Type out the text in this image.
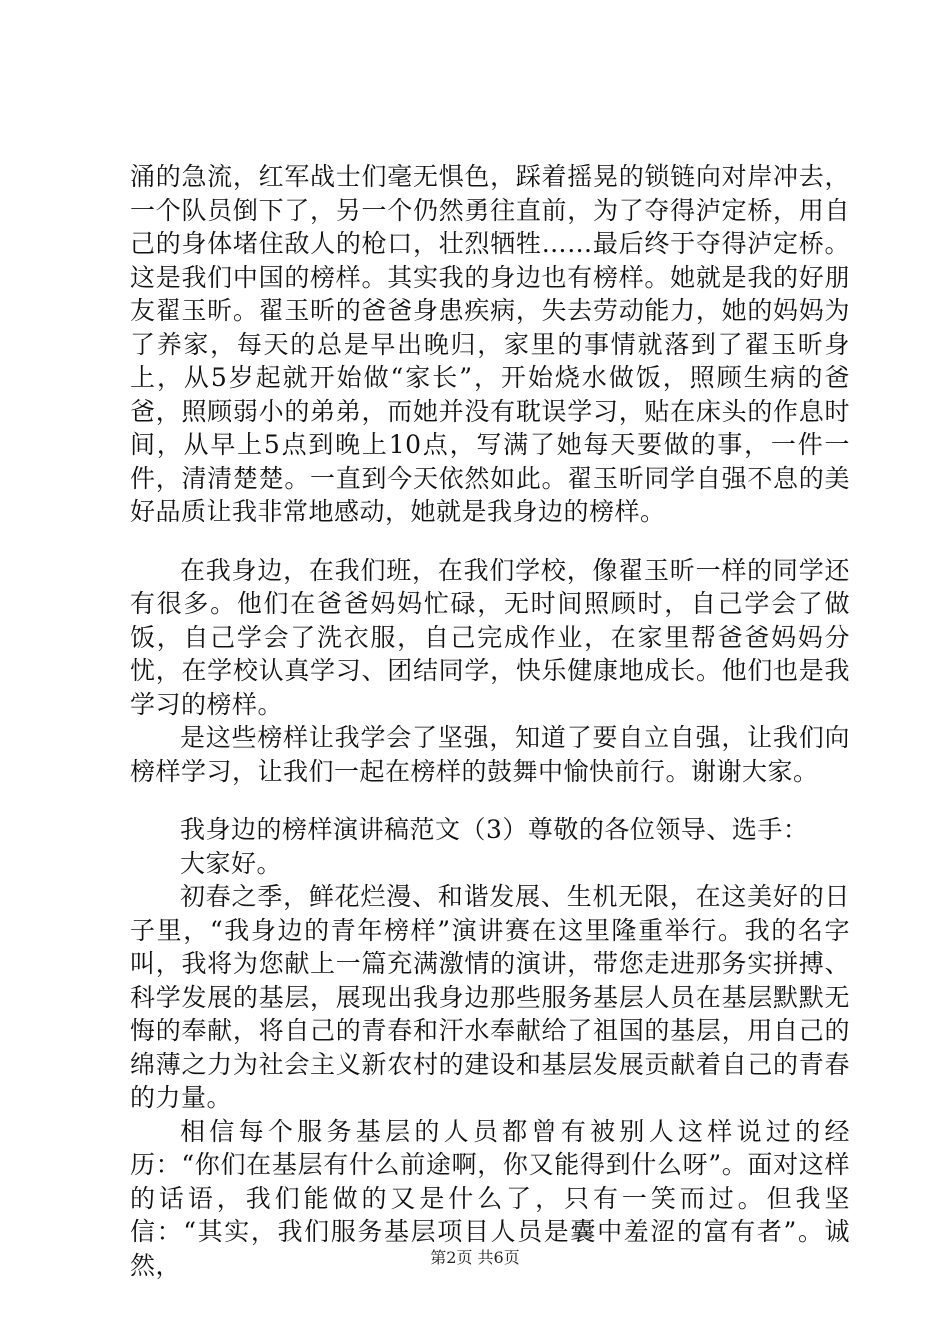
涌的急流，红军战士们毫无惧色，踩着摇晃的锁链向对岸冲去，一个队员倒下了，另一个仍然勇往直前，为了夺得泸定桥，用自己的身体堵住敌人的枪口，壮烈牺牲……最后终于夺得泸定桥。这是我们中国的榜样。其实我的身边也有榜样。她就是我的好朋友翟玉昕。翟玉昕的爸爸身患疾病，失去劳动能力，她的妈妈为了养家，每天的总是早出晚归，家里的事情就落到了翟玉昕身上，从5岁起就开始做“家长”，开始烧水做饭，照顾生病的爸爸，照顾弱小的弟弟，而她并没有耽误学习，贴在床头的作息时间，从早上5点到晚上10点，写满了她每天要做的事，一件一件，清清楚楚。一直到今天依然如此。翟玉昕同学自强不息的美好品质让我非常地感动，她就是我身边的榜样。

在我身边，在我们班，在我们学校，像翟玉昕一样的同学还有很多。他们在爸爸妈妈忙碌，无时间照顾时，自己学会了做饭，自己学会了洗衣服，自己完成作业，在家里帮爸爸妈妈分忧，在学校认真学习、团结同学，快乐健康地成长。他们也是我学习的榜样。

是这些榜样让我学会了坚强，知道了要自立自强，让我们向榜样学习，让我们一起在榜样的鼓舞中愉快前行。谢谢大家。

我身边的榜样演讲稿范文（3）尊敬的各位领导、选手：

大家好。

初春之季，鲜花烂漫、和谐发展、生机无限，在这美好的日子里，“我身边的青年榜样”演讲赛在这里隆重举行。我的名字叫，我将为您献上一篇充满激情的演讲，带您走进那务实拼搏、科学发展的基层，展现出我身边那些服务基层人员在基层默默无悔的奉献，将自己的青春和汗水奉献给了祖国的基层，用自己的绵薄之力为社会主义新农村的建设和基层发展贡献着自己的青春的力量。

相信每个服务基层的人员都曾有被别人这样说过的经历：“你们在基层有什么前途啊，你又能得到什么呀”。面对这样的话语，我们能做的又是什么了，只有一笑而过。但我坚信：“其实，我们服务基层项目人员是囊中羞涩的富有者”。诚然，	第2页 共6页
